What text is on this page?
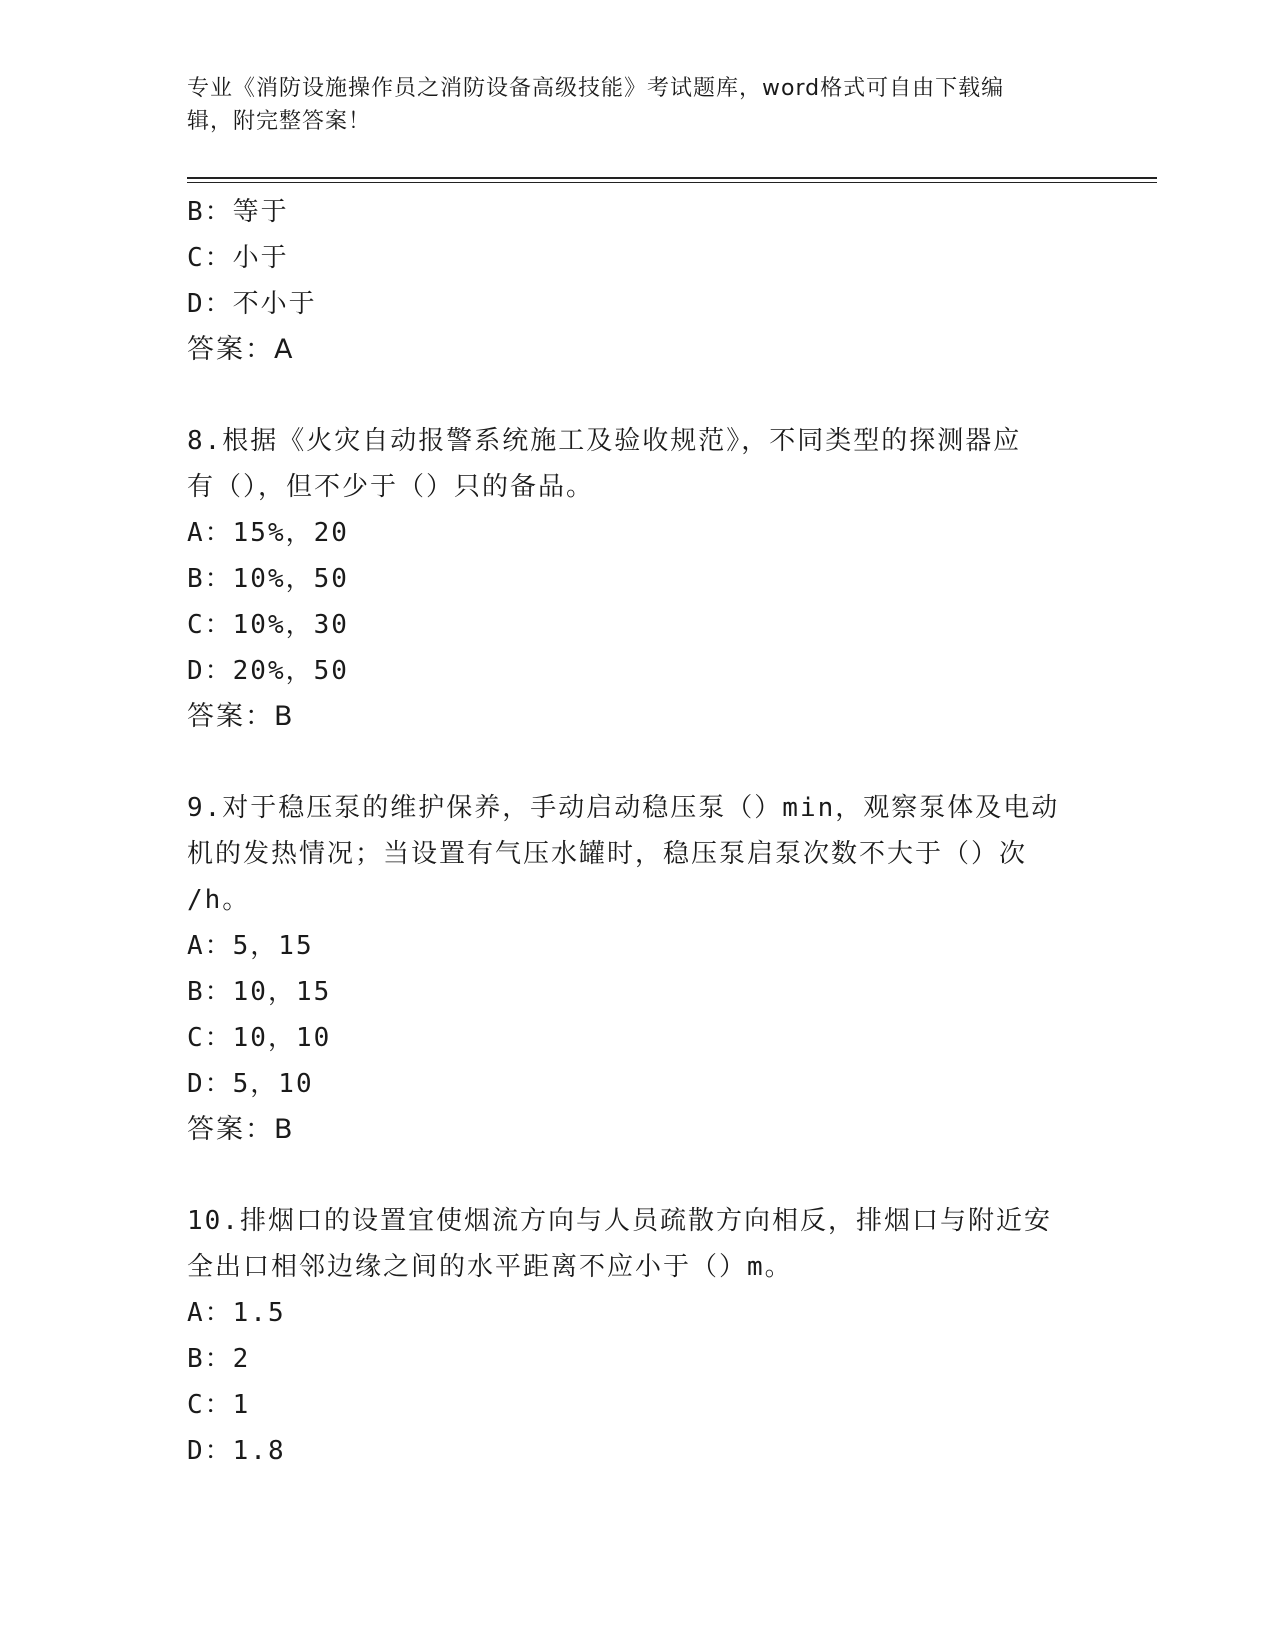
专业《消防设施操作员之消防设备高级技能》考试题库，word格式可自由下载编
辑，附完整答案！
B：等于
C：小于
D：不小于
答案：A
8.根据《火灾自动报警系统施工及验收规范》，不同类型的探测器应
有（），但不少于（）只的备品。
A：15%，20
B：10%，50
C：10%，30
D：20%，50
答案：B
9.对于稳压泵的维护保养，手动启动稳压泵（）min，观察泵体及电动
机的发热情况；当设置有气压水罐时，稳压泵启泵次数不大于（）次
/h。
A：5，15
B：10，15
C：10，10
D：5，10
答案：B
10.排烟口的设置宜使烟流方向与人员疏散方向相反，排烟口与附近安
全出口相邻边缘之间的水平距离不应小于（）m。
A：1.5
B：2
C：1
D：1.8
